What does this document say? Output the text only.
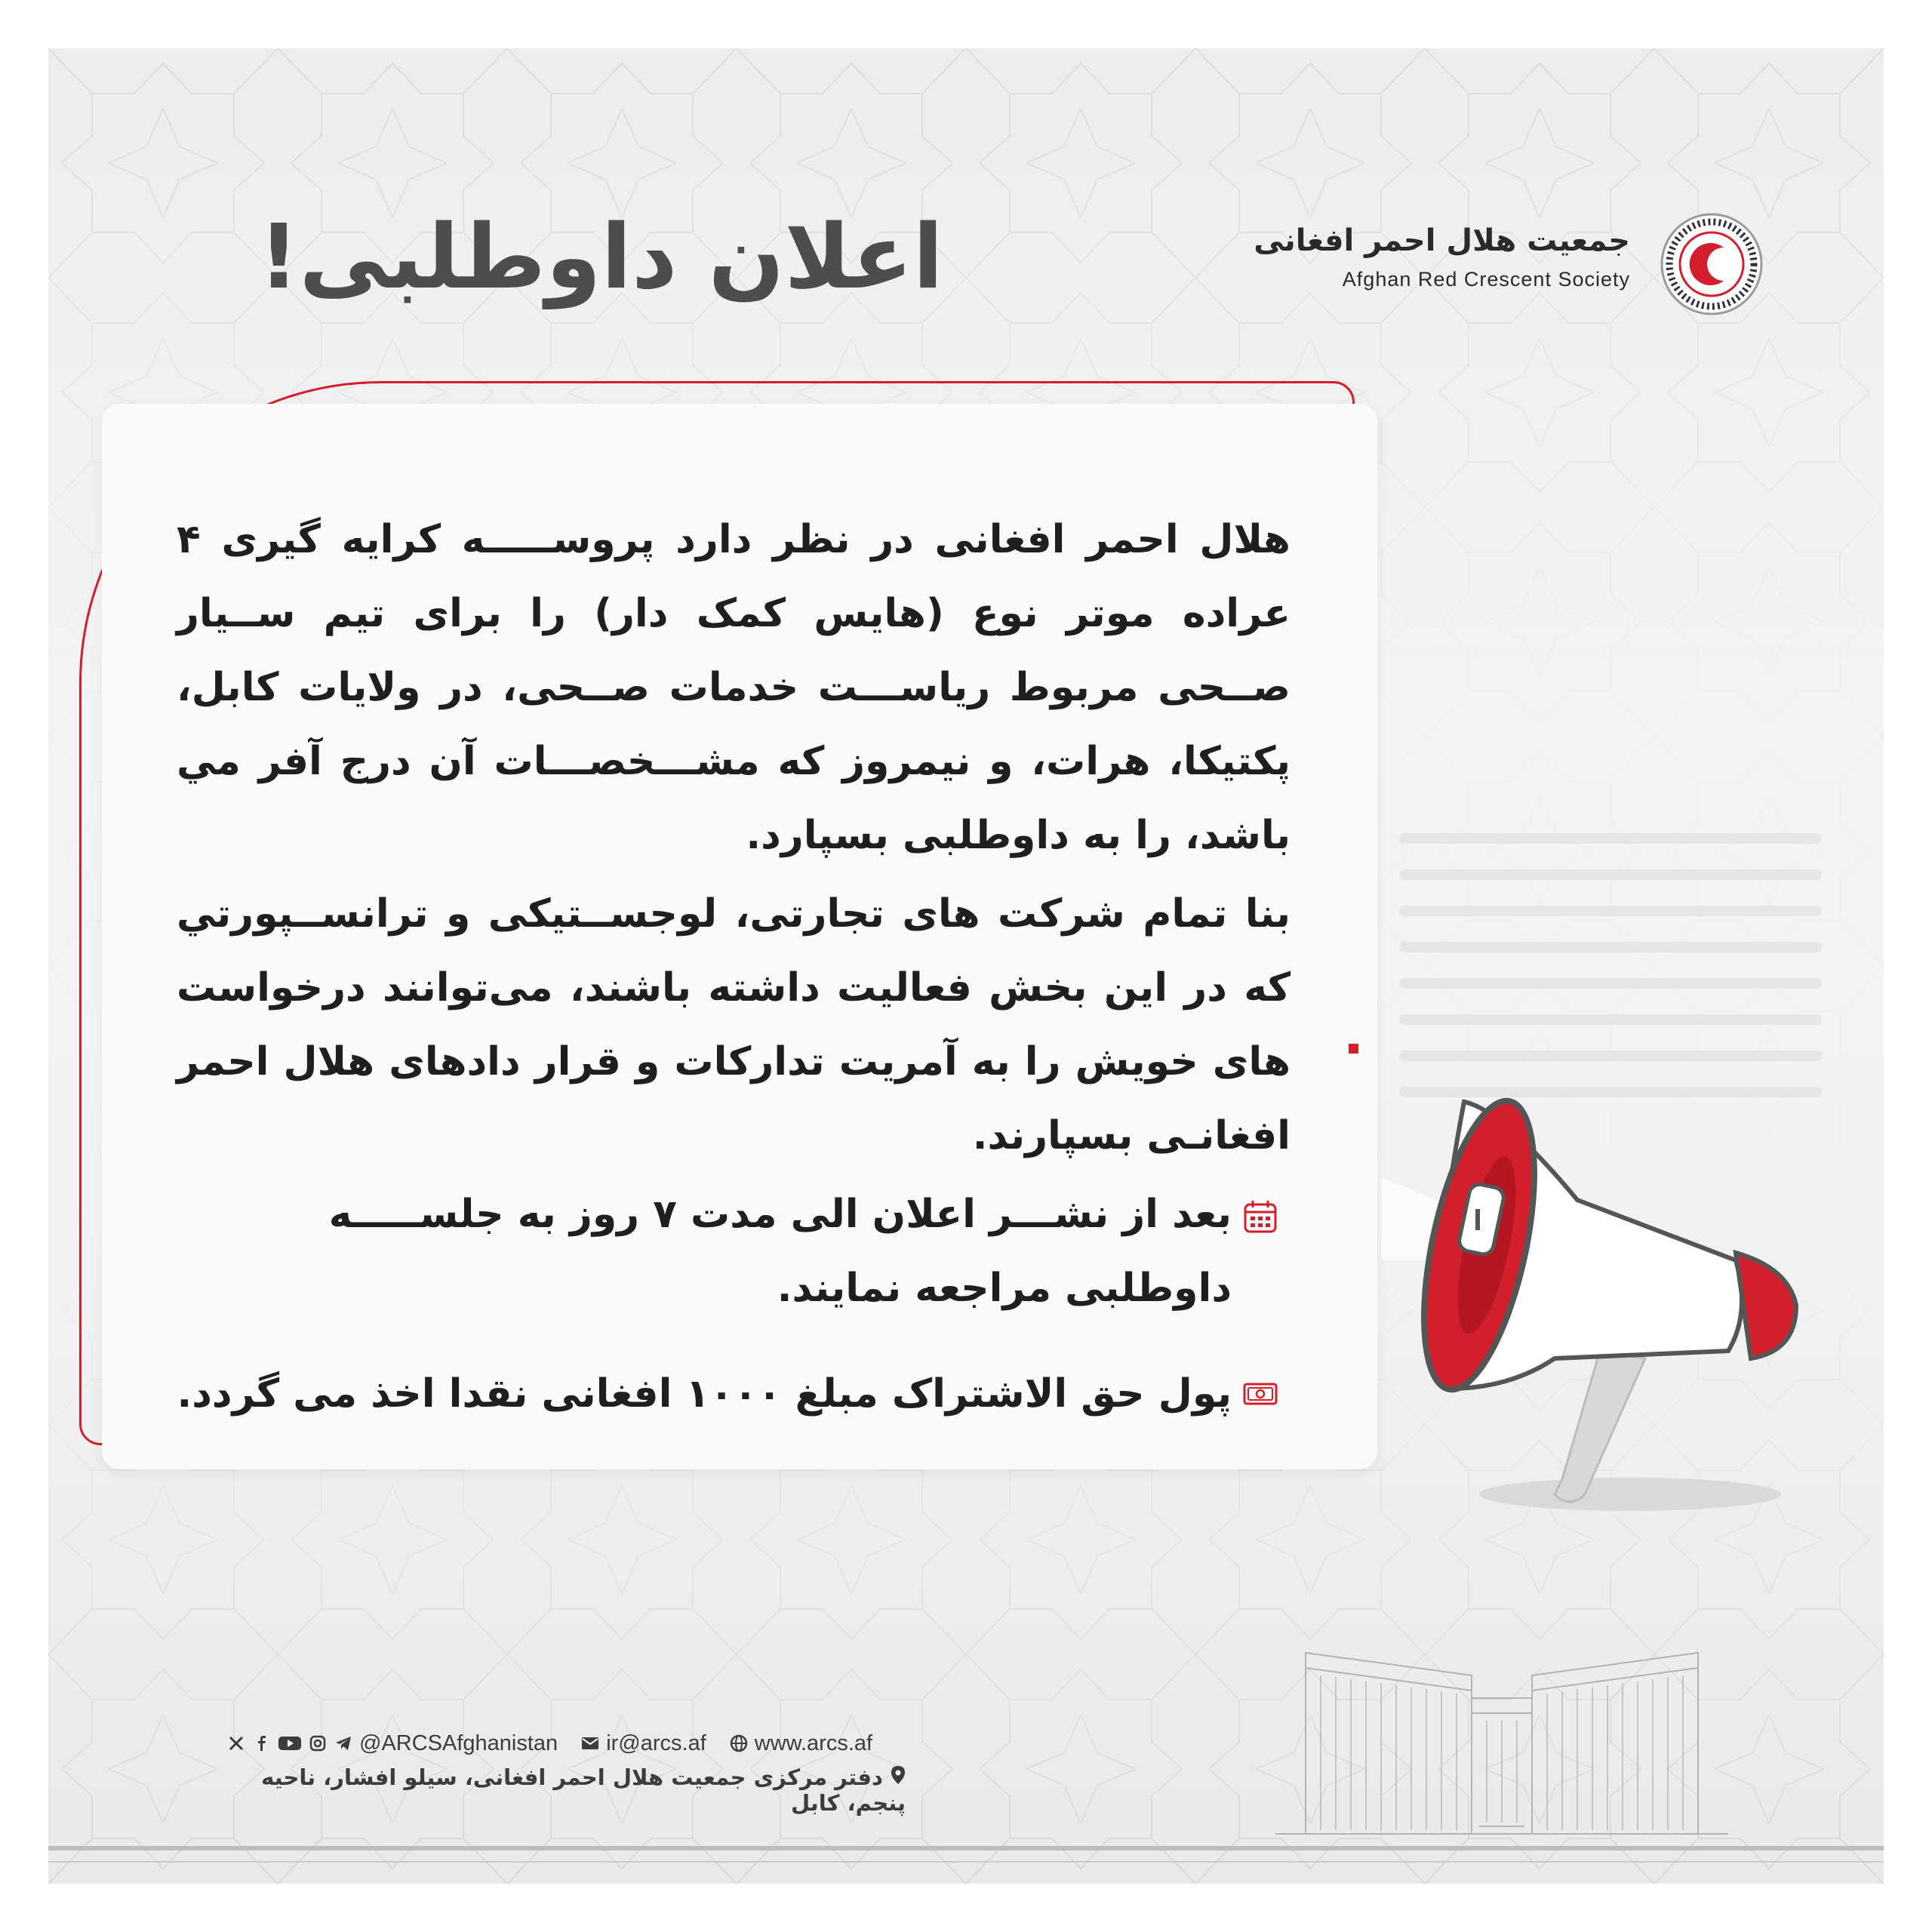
اعلان داوطلبی!	جمعیت هلال احمر افغانی
Afghan Red Crescent Society
هلال احمر افغانی در نظر دارد پروســـــه کرایه گیری ۴ عراده موتر نوع (هایس کمک دار) را برای تیم ســیار صــحی مربوط ریاســـت خدمات صــحی، در ولایات کابل، پکتیکا، هرات، و نیمروز که مشـــخصـــات آن درج آفر مي باشد، را به داوطلبی بسپارد.
بنا تمام شرکت های تجارتی، لوجســتیکی و ترانســپورتي که در این بخش فعالیت داشته باشند، می‌توانند درخواست های خویش را به آمریت تدارکات و قرار دادهای هلال احمر افغانـی بسپارند.
بعد از نشـــر اعلان الی مدت ۷ روز به جلســـــه داوطلبی مراجعه نمایند.
پول حق الاشتراک مبلغ ۱۰۰۰ افغانی نقدا اخذ می گردد.
@ARCSAfghanistan ir@arcs.af www.arcs.af
دفتر مرکزی جمعیت هلال احمر افغانی، سیلو افشار، ناحیه پنجم، کابل
